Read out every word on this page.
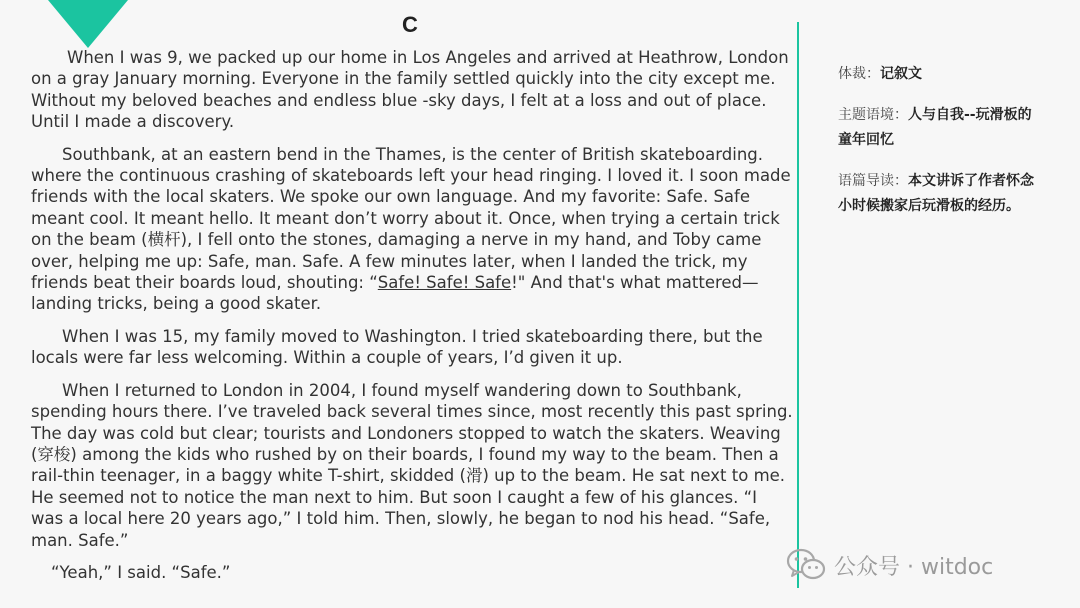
C

When I was 9, we packed up our home in Los Angeles and arrived at Heathrow, London on a gray January morning. Everyone in the family settled quickly into the city except me. Without my beloved beaches and endless blue -sky days, I felt at a loss and out of place. Until I made a discovery.

Southbank, at an eastern bend in the Thames, is the center of British skateboarding. where the continuous crashing of skateboards left your head ringing. I loved it. I soon made friends with the local skaters. We spoke our own language. And my favorite: Safe. Safe meant cool. It meant hello. It meant don’t worry about it. Once, when trying a certain trick on the beam (横杆), I fell onto the stones, damaging a nerve in my hand, and Toby came over, helping me up: Safe, man. Safe. A few minutes later, when I landed the trick, my friends beat their boards loud, shouting: “Safe! Safe! Safe!" And that's what mattered—landing tricks, being a good skater.

When I was 15, my family moved to Washington. I tried skateboarding there, but the locals were far less welcoming. Within a couple of years, I’d given it up.

When I returned to London in 2004, I found myself wandering down to Southbank, spending hours there. I’ve traveled back several times since, most recently this past spring. The day was cold but clear; tourists and Londoners stopped to watch the skaters. Weaving (穿梭) among the kids who rushed by on their boards, I found my way to the beam. Then a rail-thin teenager, in a baggy white T-shirt, skidded (滑) up to the beam. He sat next to me. He seemed not to notice the man next to him. But soon I caught a few of his glances. “I was a local here 20 years ago,” I told him. Then, slowly, he began to nod his head. “Safe, man. Safe.”

“Yeah,” I said. “Safe.”

体裁：记叙文
主题语境：人与自我--玩滑板的童年回忆
语篇导读：本文讲诉了作者怀念小时候搬家后玩滑板的经历。
公众号 · witdoc
